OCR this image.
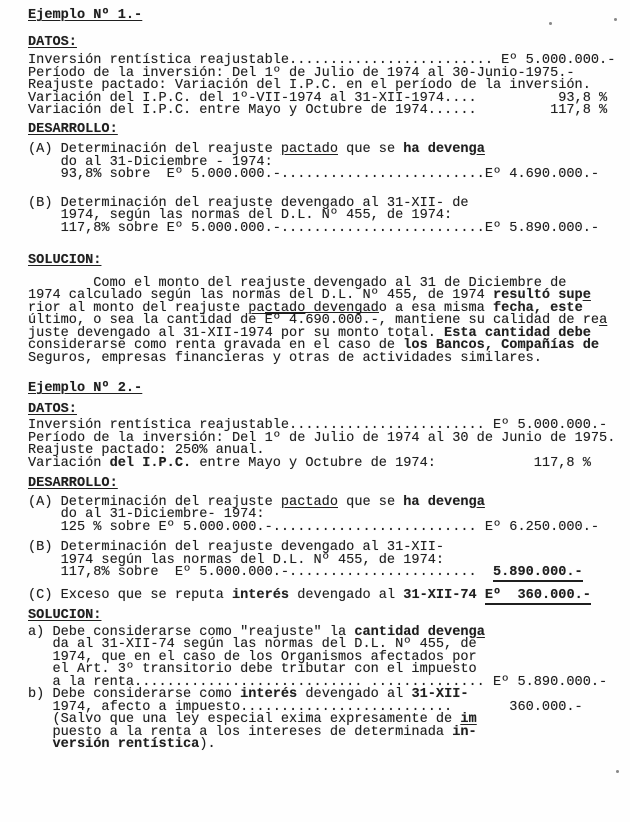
Ejemplo Nº 1.-
DATOS:
Inversión rentística reajustable......................... Eº 5.000.000.-
Período de la inversión: Del 1º de Julio de 1974 al 30-Junio-1975.-
Reajuste pactado: Variación del I.P.C. en el período de la inversión.
Variación del I.P.C. del 1º-VII-1974 al 31-XII-1974....          93,8 %
Variación del I.P.C. entre Mayo y Octubre de 1974......         117,8 %
DESARROLLO:
(A) Determinación del reajuste pactado que se ha devenga
do al 31-Diciembre - 1974:
93,8% sobre  Eº 5.000.000.-.........................Eº 4.690.000.-
(B) Determinación del reajuste devengado al 31-XII- de
1974, según las normas del D.L. Nº 455, de 1974:
117,8% sobre Eº 5.000.000.-.........................Eº 5.890.000.-
SOLUCION:
Como el monto del reajuste devengado al 31 de Diciembre de
1974 calculado según las normas del D.L. Nº 455, de 1974 resultó supe
rior al monto del reajuste pactado devengado a esa misma fecha, este
último, o sea la cantidad de Eº 4.690.000.-, mantiene su calidad de rea
juste devengado al 31-XII-1974 por su monto total. Esta cantidad debe
considerarse como renta gravada en el caso de los Bancos, Compañías de
Seguros, empresas financieras y otras de actividades similares.
Ejemplo Nº 2.-
DATOS:
Inversión rentística reajustable........................ Eº 5.000.000.-
Período de la inversión: Del 1º de Julio de 1974 al 30 de Junio de 1975.
Reajuste pactado: 250% anual.
Variación del I.P.C. entre Mayo y Octubre de 1974:            117,8 %
DESARROLLO:
(A) Determinación del reajuste pactado que se ha devenga
do al 31-Diciembre- 1974:
125 % sobre Eº 5.000.000.-......................... Eº 6.250.000.-
(B) Determinación del reajuste devengado al 31-XII-
1974 según las normas del D.L. Nº 455, de 1974:
117,8% sobre  Eº 5.000.000.-.......................  5.890.000.-
(C) Exceso que se reputa interés devengado al 31-XII-74 Eº  360.000.-
SOLUCION:
a) Debe considerarse como "reajuste" la cantidad devenga
da al 31-XII-74 según las normas del D.L. Nº 455, de
1974, que en el caso de los Organismos afectados por
el Art. 3º transitorio debe tributar con el impuesto
a la renta............................ .............. Eº 5.890.000.-
b) Debe considerarse como interés devengado al 31-XII-
1974, afecto a impuesto..........................       360.000.-
(Salvo que una ley especial exima expresamente de im
puesto a la renta a los intereses de determinada in-
versión rentística).
